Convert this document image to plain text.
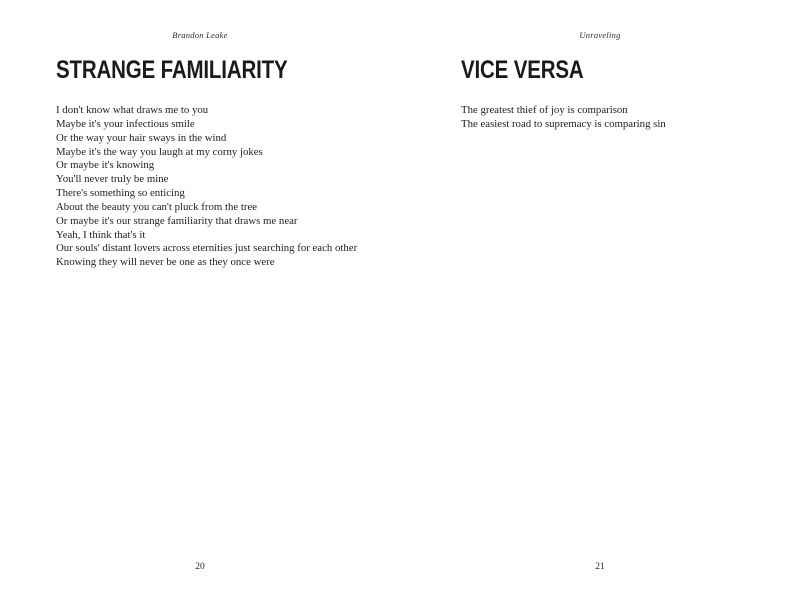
Brandon Leake
STRANGE FAMILIARITY
I don't know what draws me to you
Maybe it's your infectious smile
Or the way your hair sways in the wind
Maybe it's the way you laugh at my corny jokes
Or maybe it's knowing
You'll never truly be mine
There's something so enticing
About the beauty you can't pluck from the tree
Or maybe it's our strange familiarity that draws me near
Yeah, I think that's it
Our souls' distant lovers across eternities just searching for each other
Knowing they will never be one as they once were
20
Unraveling
VICE VERSA
The greatest thief of joy is comparison
The easiest road to supremacy is comparing sin
21
